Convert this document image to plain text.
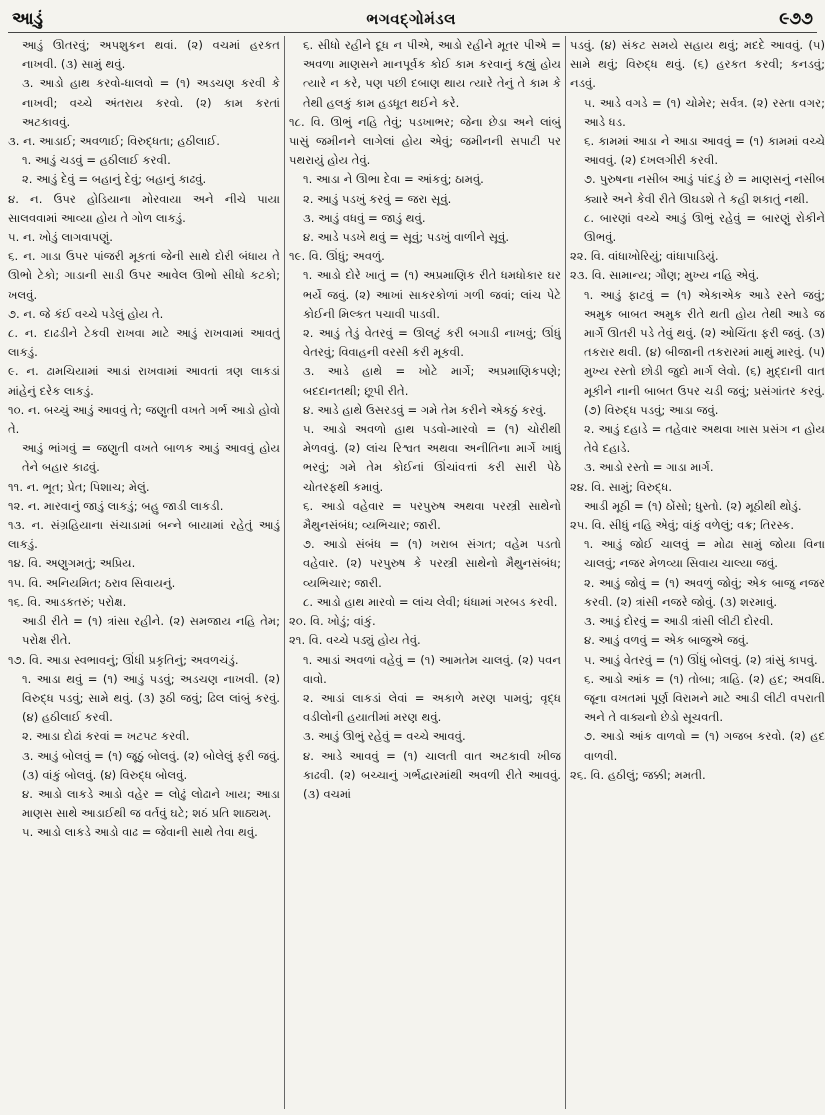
આડું	ભગવદ્ગોમંડલ	૯૭૭

આડું ઊતરવું; અપશુકન થવાં. (૨) વચમાં હરકત નાખવી. (૩) સામું થવું.

૩. આડો હાથ કરવો-ધાલવો = (૧) અડચણ કરવી કે નાખવી; વચ્ચે અંતરાય કરવો. (૨) કામ કરતાં અટકાવવું.

૩. ન. આડાઈ; અવળાઈ; વિરુદ્ધતા; હઠીલાઈ.

૧. આડું ચડવું = હઠીલાઈ કરવી.

૨. આડું દેવું = બહાનું દેવું; બહાનું કાઢવું.

૪. ન. ઉપર હોડિયાના મોરવાયા અને નીચે પાયા સાલવવામાં આવ્યા હોય તે ગોળ લાકડું.

૫. ન. ખોડું લાગવાપણું.

૬. ન. ગાડા ઉપર પાંજરી મૂકતાં જેની સાથે દોરી બંધાય તે ઊભો ટેકો; ગાડાની સાડી ઉપર આવેલ ઊભો સીધો કટકો; ખલવું.

૭. ન. જે કંઈ વચ્ચે પડેલું હોય તે.

૮. ન. દાઢડીને ટેકવી રાખવા માટે આડું રાખવામાં આવતું લાકડું.

૯. ન. ઢામચિયામાં આડાં રાખવામાં આવતાં ત્રણ લાકડાં માંહેનું દરેક લાકડું.

૧૦. ન. બચ્ચું આડું આવવું તે; જણુતી વખતે ગર્ભ આડો હોવો તે.

આડું ભાંગવું = જણુતી વખતે બાળક આડું આવવું હોય તેને બહાર કાઢવું.

૧૧. ન. ભૂત; પ્રેત; પિશાચ; મેલું.

૧૨. ન. મારવાનું જાડું લાકડું; બહુ જાડી લાકડી.

૧૩. ન. સંગ્રહિયાના સંચાડામાં બન્ને બાયામાં રહેતું આડું લાકડું.

૧૪. વિ. અણુગમતું; અપ્રિય.

૧૫. વિ. અનિયમિત; ઠરાવ સિવાયનું.

૧૬. વિ. આડકતરું; પરોક્ષ.

આડી રીતે = (૧) ત્રાંસા રહીને. (૨) સમજાય નહિ તેમ; પરોક્ષ રીતે.

૧૭. વિ. આડા સ્વભાવનું; ઊંધી પ્રકૃતિનું; અવળચંડું.

૧. આડા થવું = (૧) આડું પડવું; અડચણ નાખવી. (૨) વિરુદ્ધ પડવું; સામે થવું. (૩) રૂઠી જવું; ઢિલ લાંબું કરવું. (૪) હઠીલાઈ કરવી.

૨. આડા દોઢાં કરવાં = ખટપટ કરવી.

૩. આડું બોલવું = (૧) જૂઠું બોલવું. (૨) બોલેલું ફરી જવું. (૩) વાંકું બોલવું. (૪) વિરુદ્ધ બોલવું.

૪. આડો લાકડે આડો વહેર = લોઢું લોઢાને ખાય; આડા માણસ સાથે આડાઈથી જ વર્તવું ઘટે; શઠં પ્રતિ શાઠ્યમ્.

૫. આડો લાકડે આડો વાઢ = જેવાની સાથે તેવા થવું.

૬. સીધો રહીને દૂધ ન પીએ, આડો રહીને મૂતર પીએ = અવળા માણસને માનપૂર્વક કોઈ કામ કરવાનું કહ્યું હોય ત્યારે ન કરે, પણ પછી દબાણ થાય ત્યારે તેનું તે કામ કે તેથી હલકું કામ હડધૂત થઈને કરે.

૧૮. વિ. ઊભું નહિ તેવું; પડખાભર; જેના છેડા અને લાંબું પાસું જમીનને લાગેલાં હોય એવું; જમીનની સપાટી પર પથરાયું હોય તેવું.

૧. આડા ને ઊભા દેવા = આંકવું; ઠામવું.

૨. આડું પડખું કરવું = જરા સૂવું.

૩. આડું વધવું = જાડું થવું.

૪. આડે પડખે થવું = સૂવું; પડખું વાળીને સૂવું.

૧૯. વિ. ઊંધું; અવળું.

૧. આડો દોરે ખાતું = (૧) અપ્રમાણિક રીતે ધમધોકાર ઘર ભર્યે જવું. (૨) આખાં સાકરકોળાં ગળી જવાં; લાંચ પેટે કોઈની મિલ્કત પચાવી પાડવી.

૨. આડું તેડું વેતરવું = ઊલટું કરી બગાડી નાખવું; ઊંધું વેતરવું; વિવાહની વરસી કરી મૂકવી.

૩. આડે હાથે = ખોટે માર્ગે; અપ્રમાણિકપણે; બદદાનતથી; છૂપી રીતે.

૪. આડે હાથે ઉસરડવું = ગમે તેમ કરીને એકઠું કરવું.

૫. આડો અવળો હાથ પડવો-મારવો = (૧) ચોરીથી મેળવવું. (૨) લાંચ રિશ્વત અથવા અનીતિના માર્ગે ખાધું ભરવું; ગમે તેમ કોઈનાં ઊંચાંવત્તાં કરી સારી પેઠે ચોતરફથી કમાવું.

૬. આડો વહેવાર = પરપુરુષ અથવા પરસ્ત્રી સાથેનો મૈથુનસંબંધ; વ્યભિચાર; જારી.

૭. આડો સંબંધ = (૧) ખરાબ સંગત; વહેમ પડતો વહેવાર. (૨) પરપુરુષ કે પરસ્ત્રી સાથેનો મૈથુનસંબંધ; વ્યભિચાર; જારી.

૮. આડો હાથ મારવો = લાંચ લેવી; ધંધામાં ગરબડ કરવી.

૨૦. વિ. ખોડું; વાંકું.

૨૧. વિ. વચ્ચે પડ્યું હોય તેવું.

૧. આડાં અવળાં વહેવું = (૧) આમતેમ ચાલવું. (૨) પવન વાવો.

૨. આડાં લાકડાં લેવાં = અકાળે મરણ પામવું; વૃદ્ધ વડીલોની હયાતીમાં મરણ થવું.

૩. આડું ઊભું રહેવું = વચ્ચે આવવું.

૪. આડે આવવું = (૧) ચાલતી વાત અટકાવી ખીજ કાઢવી. (૨) બચ્ચાનું ગર્ભદ્વારમાંથી અવળી રીતે આવવું. (૩) વચમાં

પડવું. (૪) સંકટ સમયે સહાય થવું; મદદે આવવું. (૫) સામે થવું; વિરુદ્ધ થવું. (૬) હરકત કરવી; કનડવું; નડવું.

૫. આડે વગડે = (૧) ચોમેર; સર્વત્ર. (૨) રસ્તા વગર; આડે ધડ.

૬. કામમાં આડા ને આડા આવવું = (૧) કામમાં વચ્ચે આવવું. (૨) દખલગીરી કરવી.

૭. પુરુષના નસીબ આડું પાંદડું છે = માણસનું નસીબ ક્યારે અને કેવી રીતે ઊઘડશે તે કહી શકાતું નથી.

૮. બારણાં વચ્ચે આડું ઊભું રહેવું = બારણું રોકીને ઊભવું.

૨૨. વિ. વાંધાખોરિયું; વાંધાપાડિયું.

૨૩. વિ. સામાન્ય; ગૌણ; મુખ્ય નહિ એવું.

૧. આડું ફાટવું = (૧) એકાએક આડે રસ્તે જવું; અમુક બાબત અમુક રીતે થતી હોય તેથી આડે જ માર્ગે ઊતરી પડે તેવું થવું. (૨) ઓચિંતા ફરી જવું. (૩) તકરાર થવી. (૪) બીજાની તકરારમાં માથું મારવું. (૫) મુખ્ય રસ્તો છોડી જુદો માર્ગ લેવો. (૬) મુદ્દાની વાત મૂકીને નાની બાબત ઉપર ચડી જવું; પ્રસંગાંતર કરવું. (૭) વિરુદ્ધ પડવું; આડા જવું.

૨. આડું દહાડે = તહેવાર અથવા ખાસ પ્રસંગ ન હોય તેવે દહાડે.

૩. આડો રસ્તો = ગાડા માર્ગ.

૨૪. વિ. સામું; વિરુદ્ધ.

આડી મૂઠી = (૧) ઠોંસો; ધુસ્તો. (૨) મૂઠીથી થોડું.

૨૫. વિ. સીધું નહિ એવું; વાંકું વળેલું; વક્ર; તિરસ્ક.

૧. આડું જોઈ ચાલવું = મોઢા સામું જોયા વિના ચાલવું; નજર મેળવ્યા સિવાય ચાલ્યા જવું.

૨. આડું જોવું = (૧) અવળું જોવું; એક બાજુ નજર કરવી. (૨) ત્રાંસી નજરે જોવું. (૩) શરમાવું.

૩. આડું દોરવું = આડી ત્રાંસી લીટી દોરવી.

૪. આડું વળવું = એક બાજુએ જવું.

૫. આડું વેતરવું = (૧) ઊંધું બોલવું. (૨) ત્રાંસું કાપવું.

૬. આડો આંક = (૧) તોબા; ત્રાહિ. (૨) હદ; અવધિ. જૂના વખતમાં પૂર્ણ વિરામને માટે આડી લીટી વપરાતી અને તે વાક્યનો છેડો સૂચવતી.

૭. આડો આંક વાળવો = (૧) ગજબ કરવો. (૨) હદ વાળવી.

૨૬. વિ. હઠીલું; જક્કી; મમતી.
